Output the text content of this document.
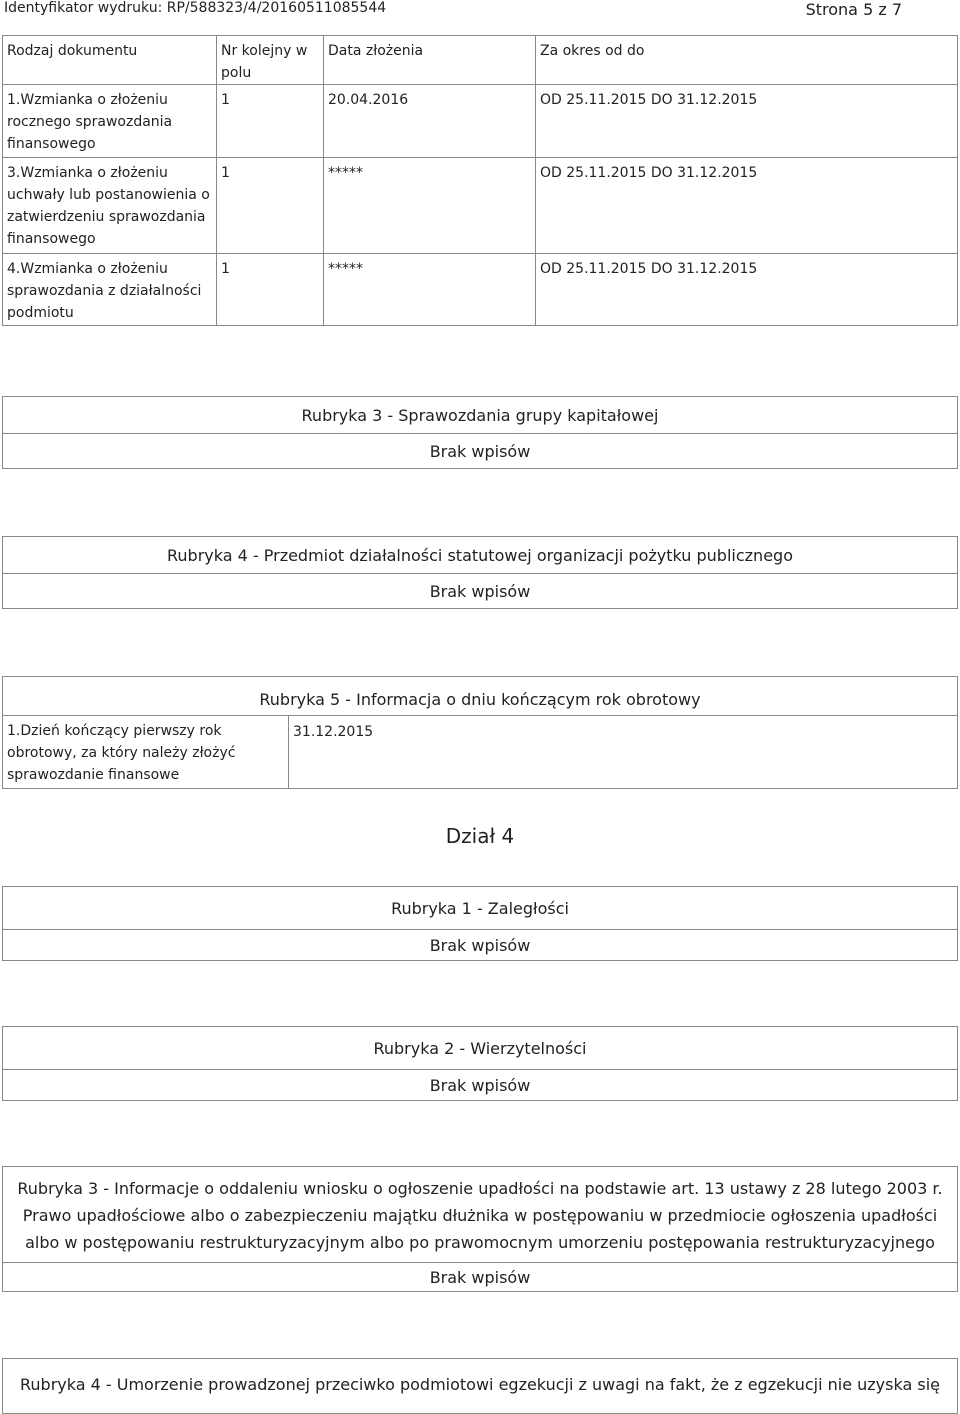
Identyfikator wydruku: RP/588323/4/20160511085544	Strona 5 z 7
Rodzaj dokumentu	Nr kolejny w polu	Data złożenia	Za okres od do
1.Wzmianka o złożeniu rocznego sprawozdania finansowego	1	20.04.2016	OD 25.11.2015 DO 31.12.2015
3.Wzmianka o złożeniu uchwały lub postanowienia o zatwierdzeniu sprawozdania finansowego	1	*****	OD 25.11.2015 DO 31.12.2015
4.Wzmianka o złożeniu sprawozdania z działalności podmiotu	1	*****	OD 25.11.2015 DO 31.12.2015
Rubryka 3 - Sprawozdania grupy kapitałowej
Brak wpisów
Rubryka 4 - Przedmiot działalności statutowej organizacji pożytku publicznego
Brak wpisów
Rubryka 5 - Informacja o dniu kończącym rok obrotowy
1.Dzień kończący pierwszy rok obrotowy, za który należy złożyć sprawozdanie finansowe
31.12.2015
Dział 4
Rubryka 1 - Zaległości
Brak wpisów
Rubryka 2 - Wierzytelności
Brak wpisów
Rubryka 3 - Informacje o oddaleniu wniosku o ogłoszenie upadłości na podstawie art. 13 ustawy z 28 lutego 2003 r. Prawo upadłościowe albo o zabezpieczeniu majątku dłużnika w postępowaniu w przedmiocie ogłoszenia upadłości albo w postępowaniu restrukturyzacyjnym albo po prawomocnym umorzeniu postępowania restrukturyzacyjnego
Brak wpisów
Rubryka 4 - Umorzenie prowadzonej przeciwko podmiotowi egzekucji z uwagi na fakt, że z egzekucji nie uzyska się
